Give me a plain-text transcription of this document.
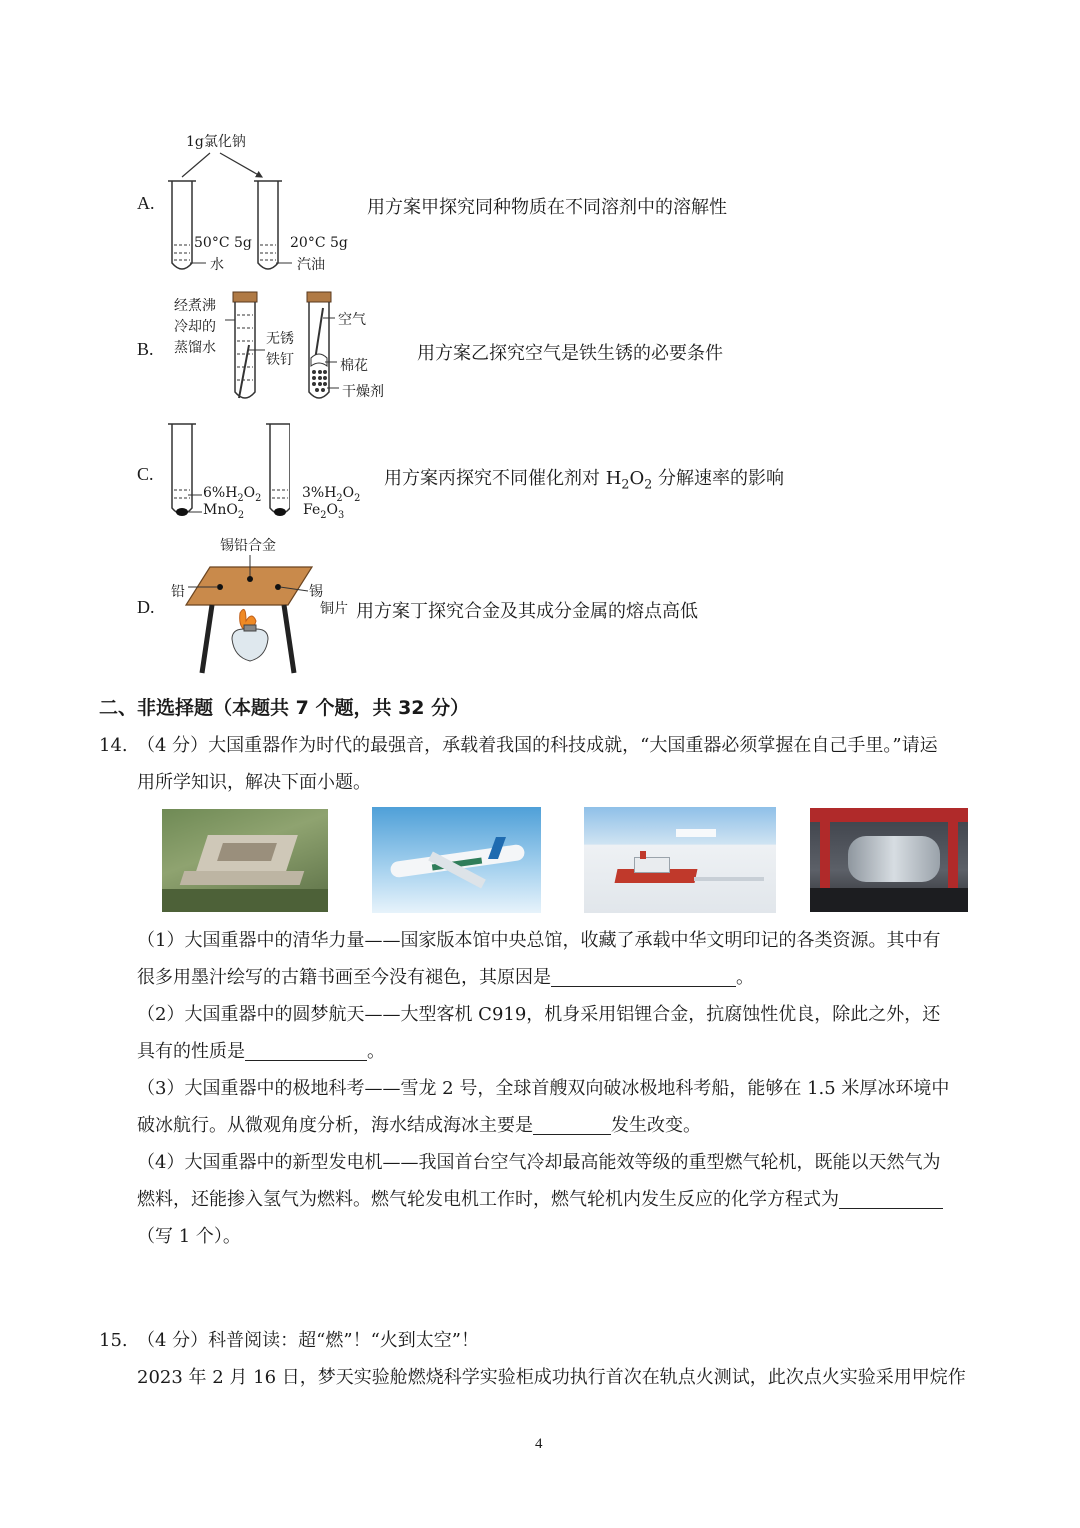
A.
1g氯化钠
50°C 5g
水
20°C 5g
汽油
用方案甲探究同种物质在不同溶剂中的溶解性
B.
经煮沸
冷却的
蒸馏水
无锈
铁钉
空气
棉花
干燥剂
用方案乙探究空气是铁生锈的必要条件
C.
$6\%H_2O_2$
MnO$_2$
$3\%H_2O_2$
$Fe_2O_3$
用方案丙探究不同催化剂对 $H_2O_2$ 分解速率的影响
D.
锡铅合金
铅	锡
铜片 用方案丁探究合金及其成分金属的熔点高低
二、非选择题（本题共 7 个题，共 32 分）
14. （4 分）大国重器作为时代的最强音，承载着我国的科技成就，“大国重器必须掌握在自己手里。”请运
用所学知识，解决下面小题。
（1）大国重器中的清华力量——国家版本馆中央总馆，收藏了承载中华文明印记的各类资源。其中有
很多用墨汁绘写的古籍书画至今没有褪色，其原因是	。
（2）大国重器中的圆梦航天——大型客机 C919，机身采用铝锂合金，抗腐蚀性优良，除此之外，还
具有的性质是	。
（3）大国重器中的极地科考——雪龙 2 号，全球首艘双向破冰极地科考船，能够在 1.5 米厚冰环境中
破冰航行。从微观角度分析，海水结成海冰主要是	发生改变。
（4）大国重器中的新型发电机——我国首台空气冷却最高能效等级的重型燃气轮机，既能以天然气为
燃料，还能掺入氢气为燃料。燃气轮发电机工作时，燃气轮机内发生反应的化学方程式为
（写 1 个）。
15. （4 分）科普阅读：超“燃”！“火到太空”！
2023 年 2 月 16 日，梦天实验舱燃烧科学实验柜成功执行首次在轨点火测试，此次点火实验采用甲烷作
4
